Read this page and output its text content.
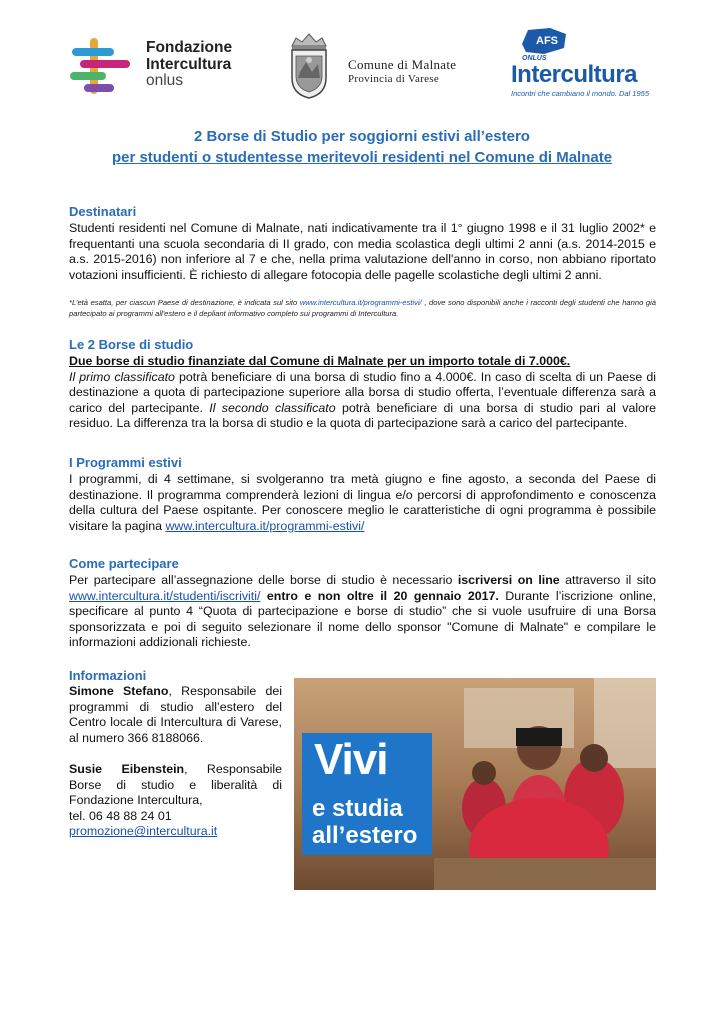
Fondazione
Intercultura
onlus
Comune di Malnate
Provincia di Varese
AFS
ONLUS
Intercultura
Incontri che cambiano il mondo. Dal 1955
2 Borse di Studio per soggiorni estivi all’estero
per studenti o studentesse meritevoli residenti nel Comune di Malnate
Destinatari
Studenti residenti nel Comune di Malnate, nati indicativamente tra il 1° giugno 1998 e il 31 luglio 2002* e frequentanti una scuola secondaria di II grado, con media scolastica degli ultimi 2 anni (a.s. 2014-2015 e a.s. 2015-2016) non inferiore al 7 e che, nella prima valutazione dell'anno in corso, non abbiano riportato votazioni insufficienti. È richiesto di allegare fotocopia delle pagelle scolastiche degli ultimi 2 anni.
*L’età esatta, per ciascun Paese di destinazione, è indicata sul sito www.intercultura.it/programmi-estivi/ , dove sono disponibili anche i racconti degli studenti che hanno già partecipato ai programmi all'estero e il depliant informativo completo sui programmi di Intercultura.
Le 2 Borse di studio
Due borse di studio finanziate dal Comune di Malnate per un importo totale di 7.000€.
Il primo classificato potrà beneficiare di una borsa di studio fino a 4.000€. In caso di scelta di un Paese di destinazione a quota di partecipazione superiore alla borsa di studio offerta, l’eventuale differenza sarà a carico del partecipante. Il secondo classificato potrà beneficiare di una borsa di studio pari al valore residuo. La differenza tra la borsa di studio e la quota di partecipazione sarà a carico del partecipante.
I Programmi estivi
I programmi, di 4 settimane, si svolgeranno tra metà giugno e fine agosto, a seconda del Paese di destinazione. Il programma comprenderà lezioni di lingua e/o percorsi di approfondimento e conoscenza della cultura del Paese ospitante. Per conoscere meglio le caratteristiche di ogni programma è possibile visitare la pagina www.intercultura.it/programmi-estivi/
Come partecipare
Per partecipare all’assegnazione delle borse di studio è necessario iscriversi on line attraverso il sito www.intercultura.it/studenti/iscriviti/ entro e non oltre il 20 gennaio 2017. Durante l’iscrizione online, specificare al punto 4 “Quota di partecipazione e borse di studio” che si vuole usufruire di una Borsa sponsorizzata e poi di seguito selezionare il nome dello sponsor "Comune di Malnate" e compilare le informazioni addizionali richieste.
Informazioni
Simone Stefano, Responsabile dei programmi di studio all’estero del Centro locale di Intercultura di Varese, al numero 366 8188066.
Susie Eibenstein, Responsabile Borse di studio e liberalità di Fondazione Intercultura,
tel. 06 48 88 24 01
promozione@intercultura.it
Vivi
e studia
all’estero
